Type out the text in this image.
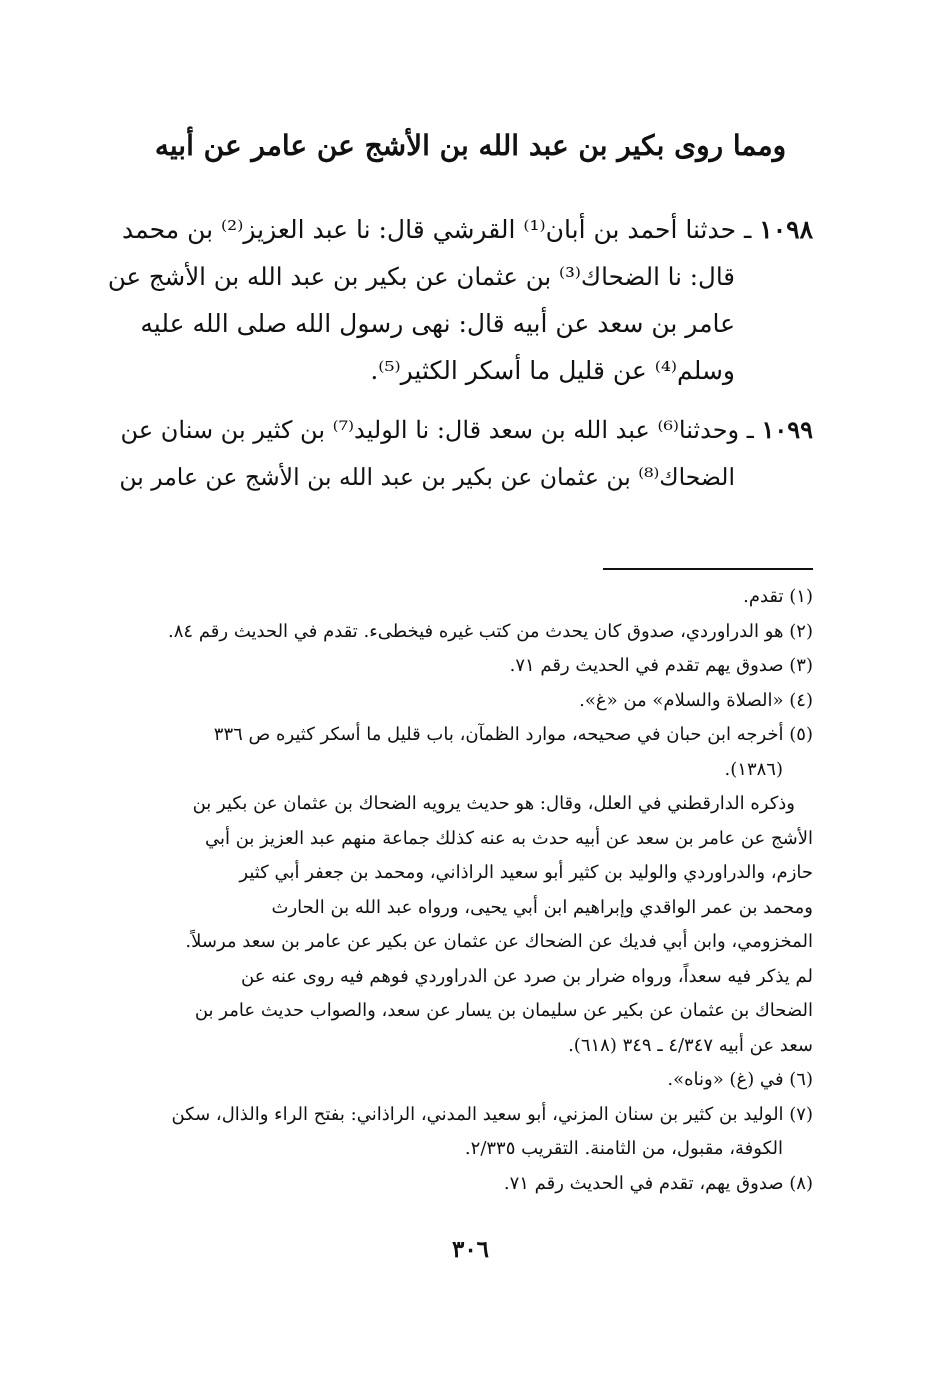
ومما روى بكير بن عبد الله بن الأشج عن عامر عن أبيه
١٠٩٨ ـ حدثنا أحمد بن أبان⁽¹⁾ القرشي قال: نا عبد العزيز⁽²⁾ بن محمد
قال: نا الضحاك⁽³⁾ بن عثمان عن بكير بن عبد الله بن الأشج عن
عامر بن سعد عن أبيه قال: نهى رسول الله صلى الله عليه
وسلم⁽⁴⁾ عن قليل ما أسكر الكثير⁽⁵⁾.
١٠٩٩ ـ وحدثنا⁽⁶⁾ عبد الله بن سعد قال: نا الوليد⁽⁷⁾ بن كثير بن سنان عن
الضحاك⁽⁸⁾ بن عثمان عن بكير بن عبد الله بن الأشج عن عامر بن
(١) تقدم.
(٢) هو الدراوردي، صدوق كان يحدث من كتب غيره فيخطىء. تقدم في الحديث رقم ٨٤.
(٣) صدوق يهم تقدم في الحديث رقم ٧١.
(٤) «الصلاة والسلام» من «غ».
(٥) أخرجه ابن حبان في صحيحه، موارد الظمآن، باب قليل ما أسكر كثيره ص ٣٣٦
(١٣٨٦).
وذكره الدارقطني في العلل، وقال: هو حديث يرويه الضحاك بن عثمان عن بكير بن
الأشج عن عامر بن سعد عن أبيه حدث به عنه كذلك جماعة منهم عبد العزيز بن أبي
حازم، والدراوردي والوليد بن كثير أبو سعيد الراذاني، ومحمد بن جعفر أبي كثير
ومحمد بن عمر الواقدي وإبراهيم ابن أبي يحيى، ورواه عبد الله بن الحارث
المخزومي، وابن أبي فديك عن الضحاك عن عثمان عن بكير عن عامر بن سعد مرسلاً.
لم يذكر فيه سعداً، ورواه ضرار بن صرد عن الدراوردي فوهم فيه روى عنه عن
الضحاك بن عثمان عن بكير عن سليمان بن يسار عن سعد، والصواب حديث عامر بن
سعد عن أبيه ٤/٣٤٧ ـ ٣٤٩ (٦١٨).
(٦) في (غ) «وناه».
(٧) الوليد بن كثير بن سنان المزني، أبو سعيد المدني، الراذاني: بفتح الراء والذال، سكن
الكوفة، مقبول، من الثامنة. التقريب ٢/٣٣٥.
(٨) صدوق يهم، تقدم في الحديث رقم ٧١.
٣٠٦
